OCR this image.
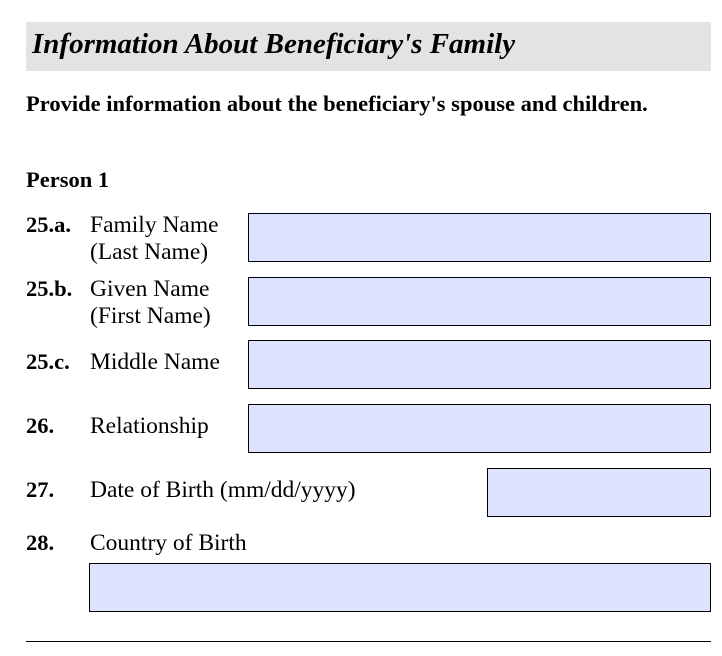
Information About Beneficiary's Family
Provide information about the beneficiary's spouse and children.
Person 1
25.a. Family Name
(Last Name)
25.b. Given Name
(First Name)
25.c. Middle Name
26. Relationship
27. Date of Birth (mm/dd/yyyy)
28. Country of Birth
